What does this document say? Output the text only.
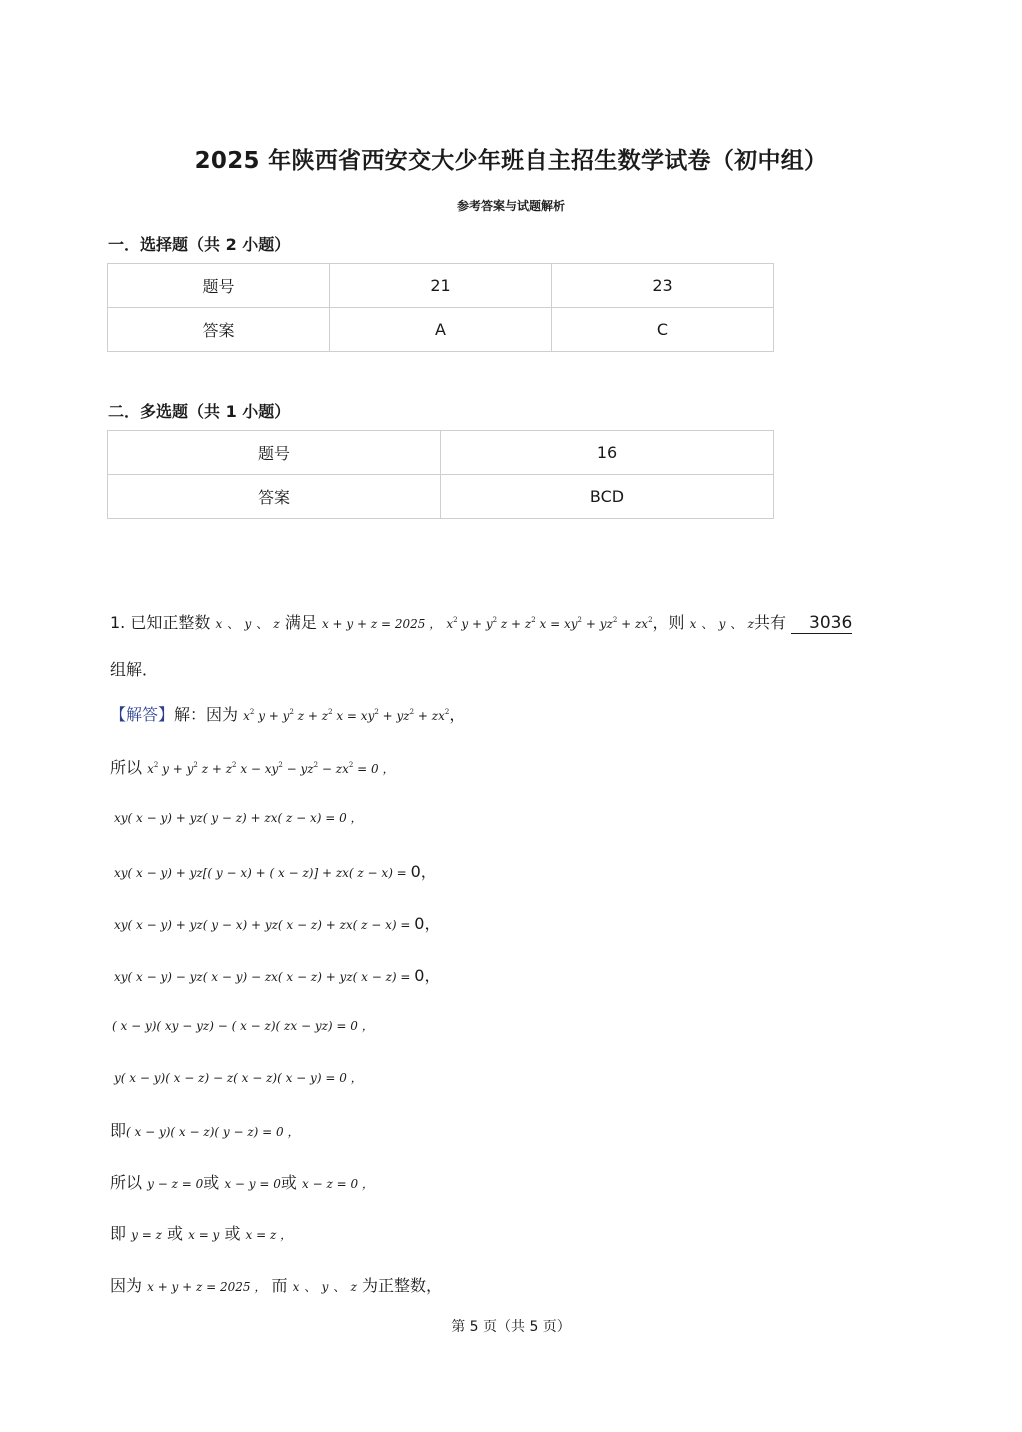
2025 年陕西省西安交大少年班自主招生数学试卷（初中组）
参考答案与试题解析
一．选择题（共 2 小题）
题号	21	23
答案	A	C
二．多选题（共 1 小题）
题号	16
答案	BCD
1. 已知正整数 x 、 y 、 z 满足 x + y + z = 2025 ， $x^2$ $y + y^2$ $z + z^2$ $x = xy^2 + yz^2 + zx^2$，则 x 、 y 、 z共有 3036
组解．
【解答】解：因为 $x^2$ $y + y^2$ $z + z^2$ $x = xy^2 + yz^2 + zx^2$，
所以 $x^2$ $y + y^2$ $z + z^2$ $x - xy^2 - yz^2 - zx^2 = 0$ ，
xy( x − y) + yz( y − z) + zx( z − x) = 0 ，
xy( x − y) + yz[( y − x) + ( x − z)] + zx( z − x) = 0，
xy( x − y) + yz( y − x) + yz( x − z) + zx( z − x) = 0，
xy( x − y) − yz( x − y) − zx( x − z) + yz( x − z) = 0，
( x − y)( xy − yz) − ( x − z)( zx − yz) = 0 ，
y( x − y)( x − z) − z( x − z)( x − y) = 0 ，
即( x − y)( x − z)( y − z) = 0 ，
所以 y − z = 0或 x − y = 0或 x − z = 0 ，
即 y = z 或 x = y 或 x = z ，
因为 x + y + z = 2025 ， 而 x 、 y 、 z 为正整数，
第 5 页（共 5 页）
